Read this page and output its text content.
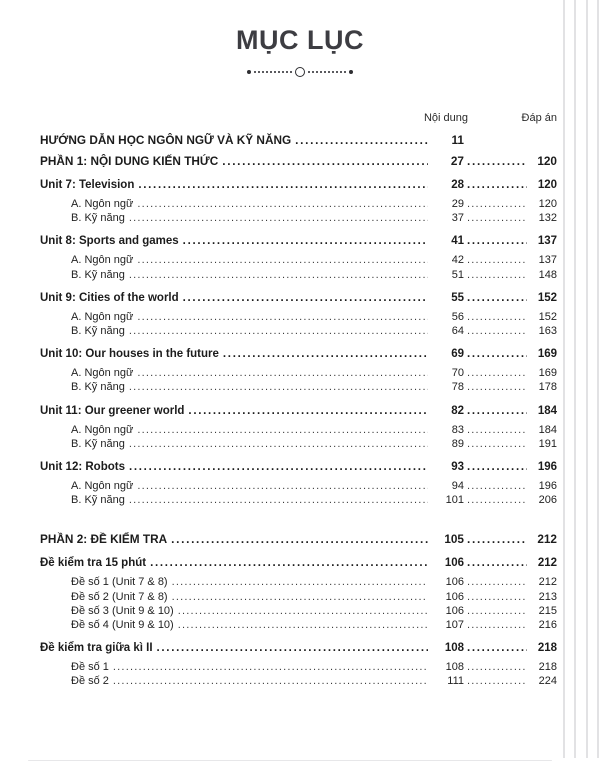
MỤC LỤC
Nội dung	Đáp án
HƯỚNG DẪN HỌC NGÔN NGỮ VÀ KỸ NĂNG .....	11
PHẦN 1: NỘI DUNG KIẾN THỨC .....	27 .....	120
Unit 7: Television .....	28 .....	120
A. Ngôn ngữ .....	29 .....	120
B. Kỹ năng .....	37 .....	132
Unit 8: Sports and games .....	41 .....	137
A. Ngôn ngữ .....	42 .....	137
B. Kỹ năng .....	51 .....	148
Unit 9: Cities of the world .....	55 .....	152
A. Ngôn ngữ .....	56 .....	152
B. Kỹ năng .....	64 .....	163
Unit 10: Our houses in the future .....	69 .....	169
A. Ngôn ngữ .....	70 .....	169
B. Kỹ năng .....	78 .....	178
Unit 11: Our greener world .....	82 .....	184
A. Ngôn ngữ .....	83 .....	184
B. Kỹ năng .....	89 .....	191
Unit 12: Robots .....	93 .....	196
A. Ngôn ngữ .....	94 .....	196
B. Kỹ năng .....	101 .....	206
PHẦN 2: ĐỀ KIỂM TRA .....	105 .....	212
Đề kiểm tra 15 phút .....	106 .....	212
Đề số 1 (Unit 7 & 8) .....	106 .....	212
Đề số 2 (Unit 7 & 8) .....	106 .....	213
Đề số 3 (Unit 9 & 10) .....	106 .....	215
Đề số 4 (Unit 9 & 10) .....	107 .....	216
Đề kiểm tra giữa kì II .....	108 .....	218
Đề số 1 .....	108 .....	218
Đề số 2 .....	111 .....	224
